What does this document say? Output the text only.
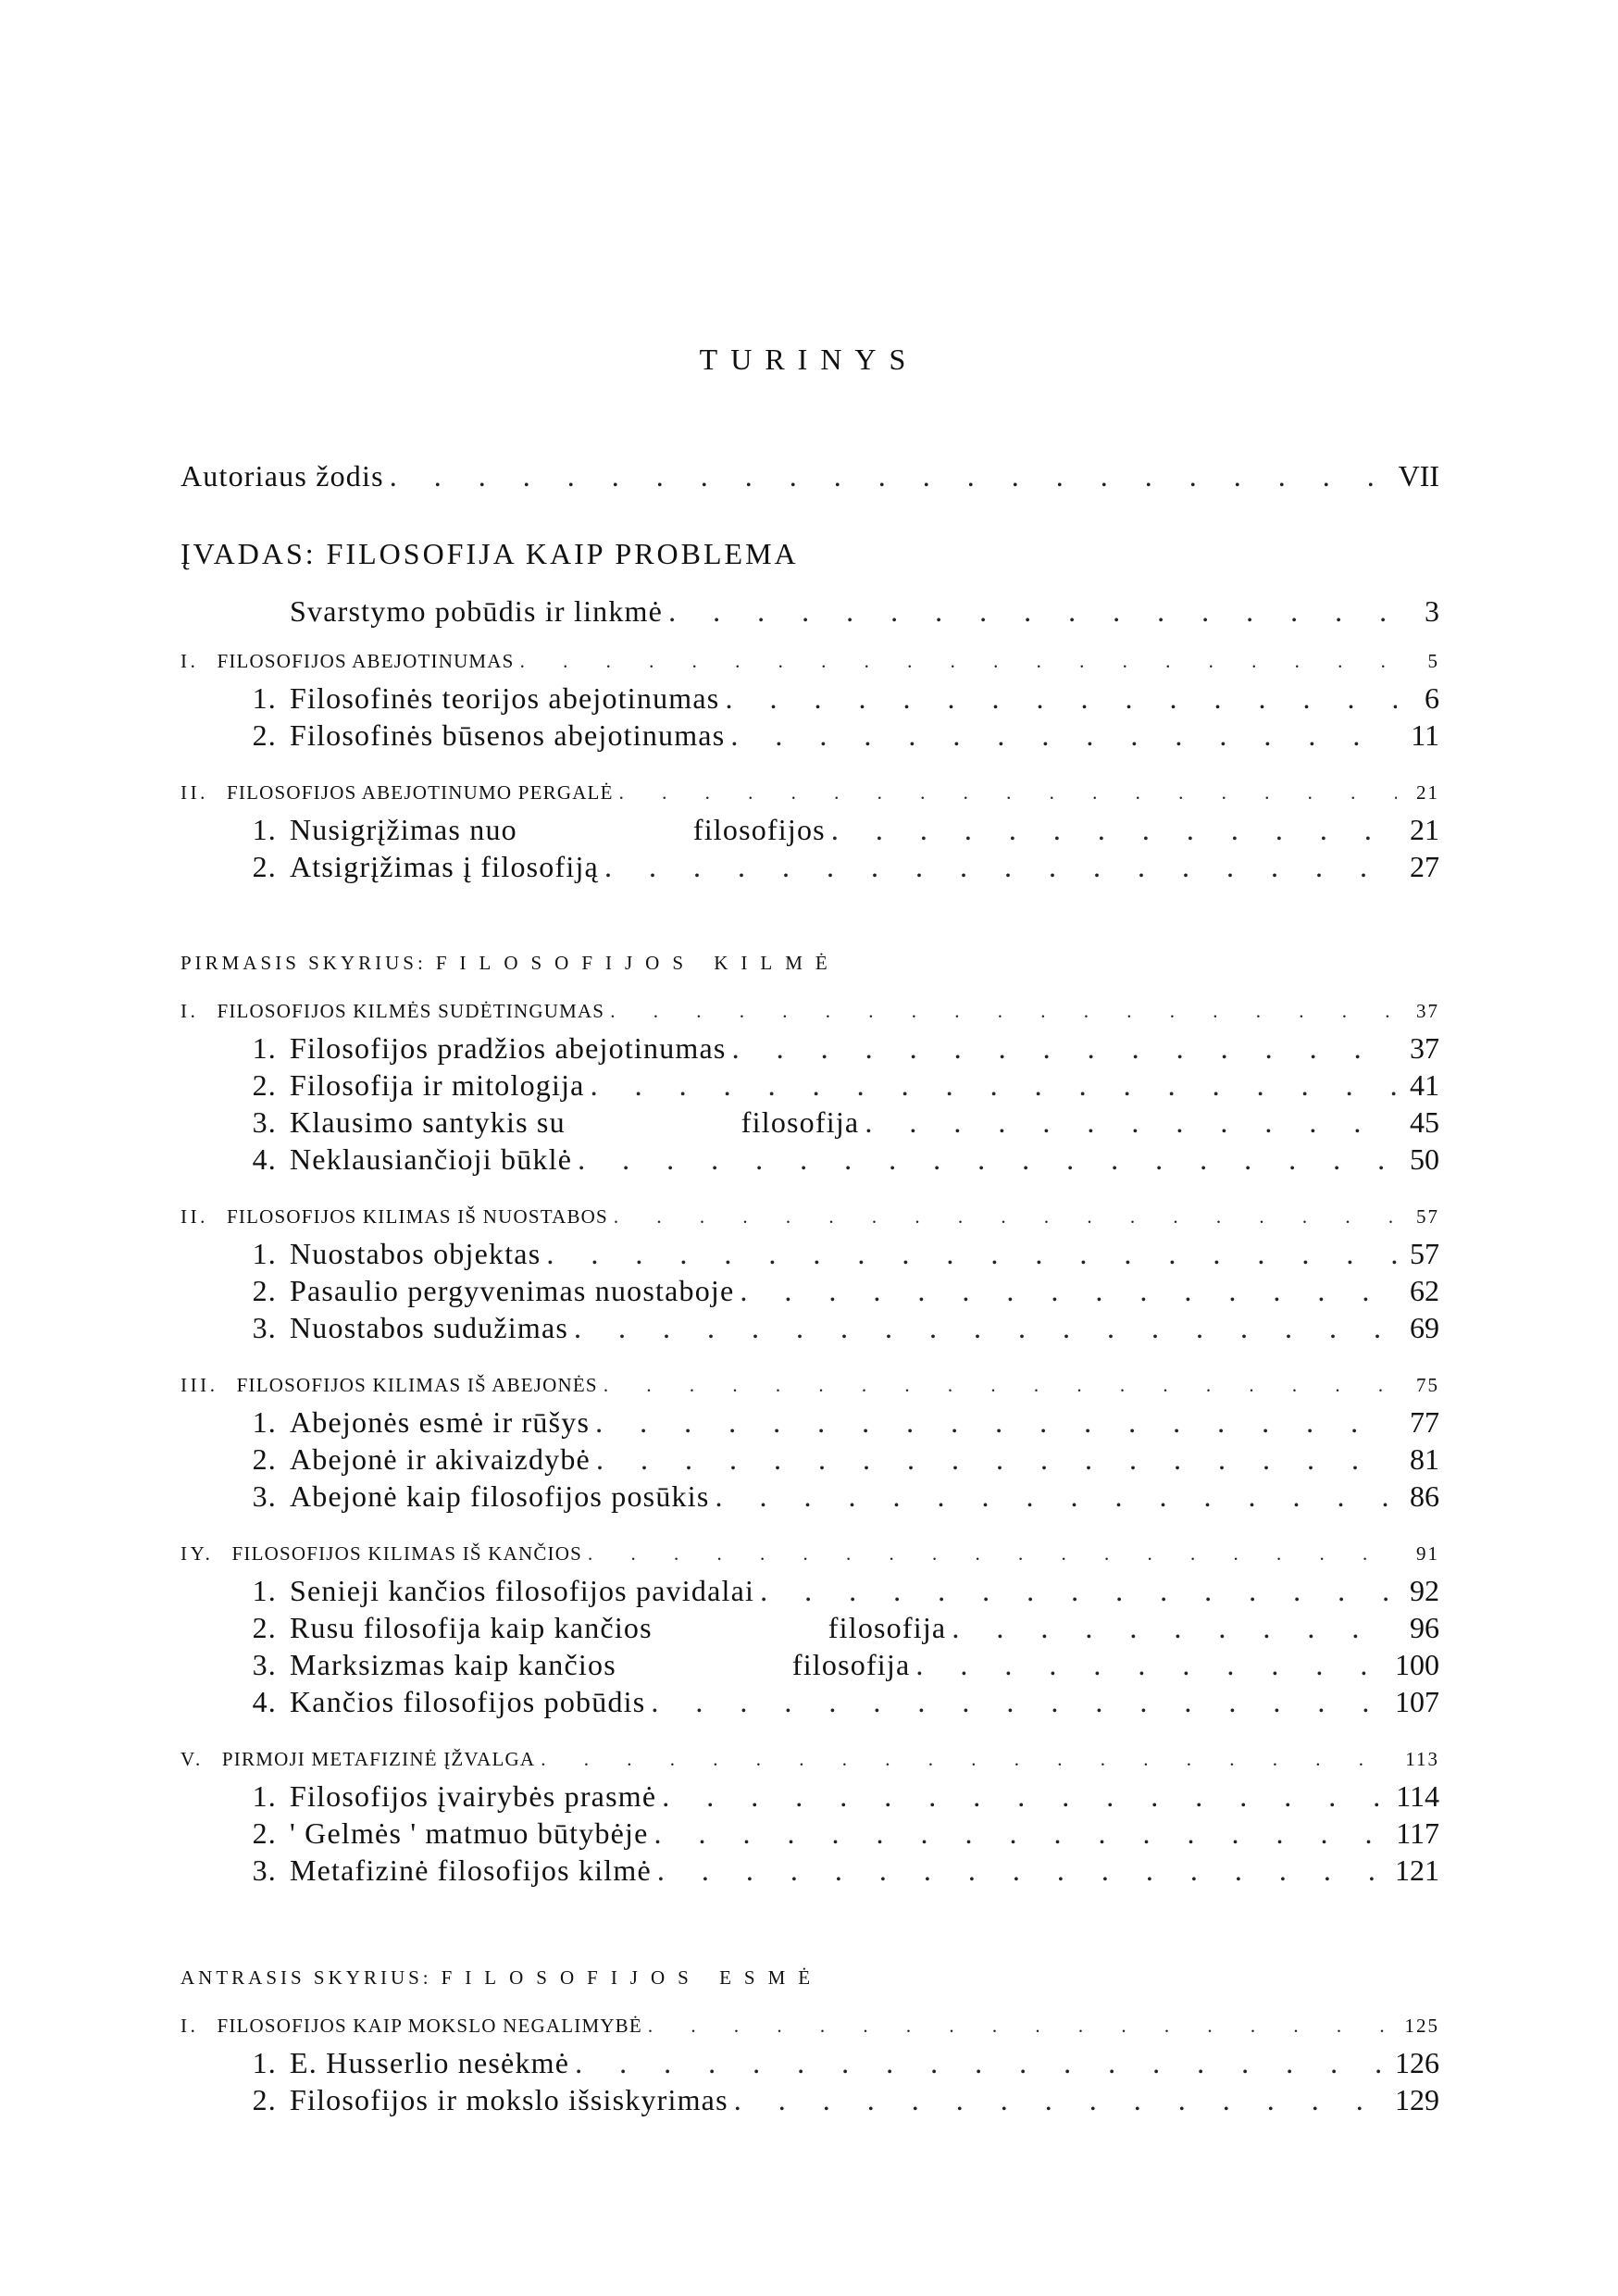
TURINYS
Autoriaus žodis . . .	VII
ĮVADAS: FILOSOFIJA KAIP PROBLEMA
Svarstymo pobūdis ir linkmė . . .	3
I. FILOSOFIJOS ABEJOTINUMAS . . .	5
1. Filosofinės teorijos abejotinumas . . .	6
2. Filosofinės būsenos abejotinumas . . .	11
II. FILOSOFIJOS ABEJOTINUMO PERGALĖ . . .	21
1. Nusigrįžimas nuo	filosofijos . . .	21
2. Atsigrįžimas į filosofiją . . .	27
PIRMASIS SKYRIUS: FILOSOFIJOS KILMĖ
I. FILOSOFIJOS KILMĖS SUDĖTINGUMAS . . .	37
1. Filosofijos pradžios abejotinumas . . .	37
2. Filosofija ir mitologija . . .	41
3. Klausimo santykis su	filosofija . . .	45
4. Neklausiančioji būklė . . .	50
II. FILOSOFIJOS KILIMAS IŠ NUOSTABOS . . .	57
1. Nuostabos objektas . . .	57
2. Pasaulio pergyvenimas nuostaboje . . .	62
3. Nuostabos sudužimas . . .	69
III. FILOSOFIJOS KILIMAS IŠ ABEJONĖS . . .	75
1. Abejonės esmė ir rūšys . . .	77
2. Abejonė ir akivaizdybė . . .	81
3. Abejonė kaip filosofijos posūkis . . .	86
IY. FILOSOFIJOS KILIMAS IŠ KANČIOS . . .	91
1. Senieji kančios filosofijos pavidalai . . .	92
2. Rusu filosofija kaip kančios	filosofija . . .	96
3. Marksizmas kaip kančios	filosofija . . .	100
4. Kančios filosofijos pobūdis . . .	107
V. PIRMOJI METAFIZINĖ ĮŽVALGA . . .	113
1. Filosofijos įvairybės prasmė . . .	114
2. ' Gelmės ' matmuo būtybėje . . .	117
3. Metafizinė filosofijos kilmė . . .	121
ANTRASIS SKYRIUS: FILOSOFIJOS ESMĖ
I. FILOSOFIJOS KAIP MOKSLO NEGALIMYBĖ . . .	125
1. E. Husserlio nesėkmė . . .	126
2. Filosofijos ir mokslo išsiskyrimas . . .	129
